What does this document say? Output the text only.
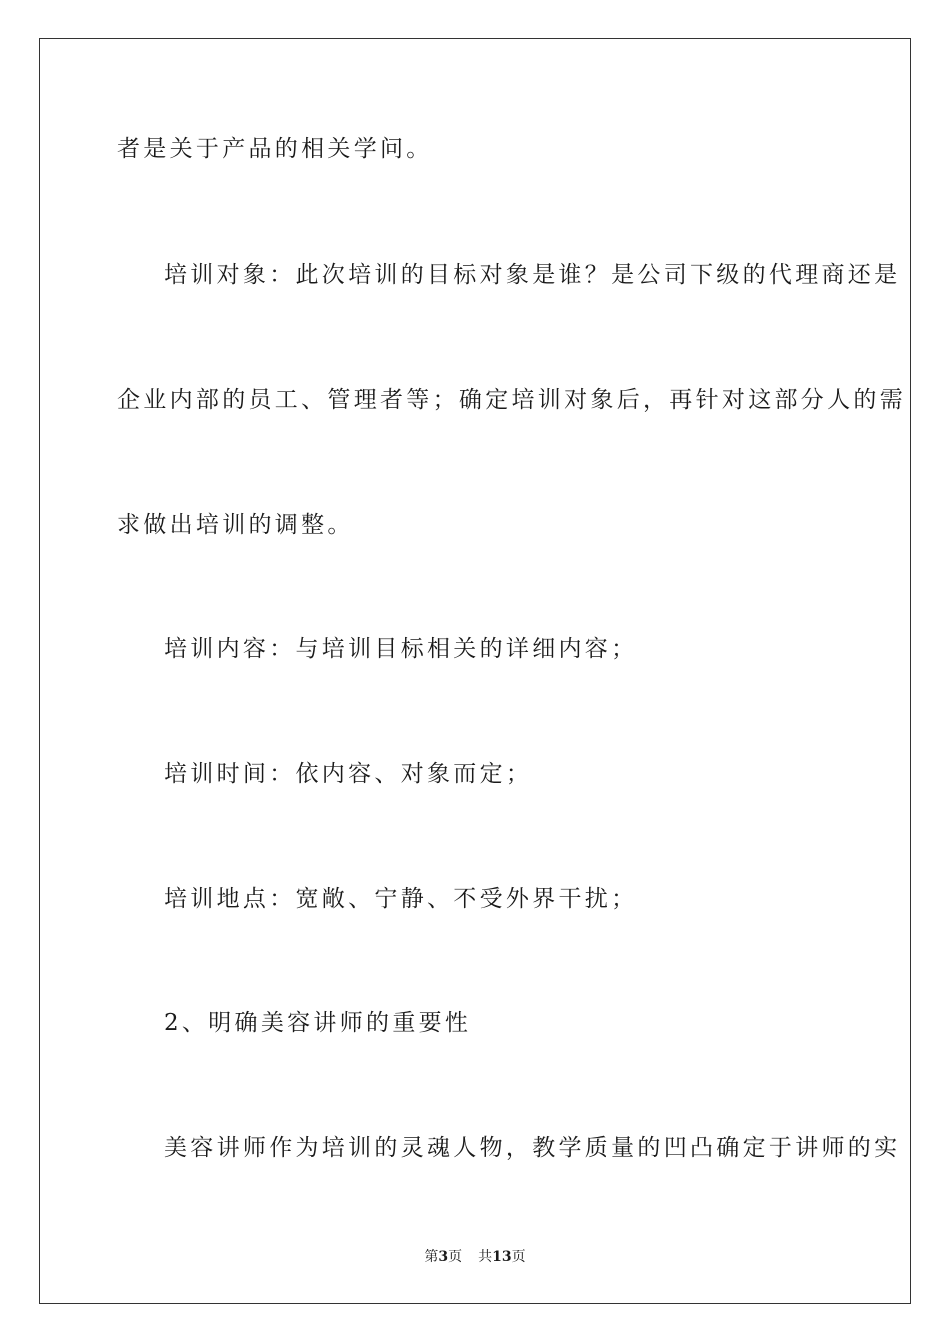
者是关于产品的相关学问。
培训对象：此次培训的目标对象是谁？是公司下级的代理商还是
企业内部的员工、管理者等；确定培训对象后，再针对这部分人的需
求做出培训的调整。
培训内容：与培训目标相关的详细内容；
培训时间：依内容、对象而定；
培训地点：宽敞、宁静、不受外界干扰；
2、明确美容讲师的重要性
美容讲师作为培训的灵魂人物，教学质量的凹凸确定于讲师的实
第3页 共13页
